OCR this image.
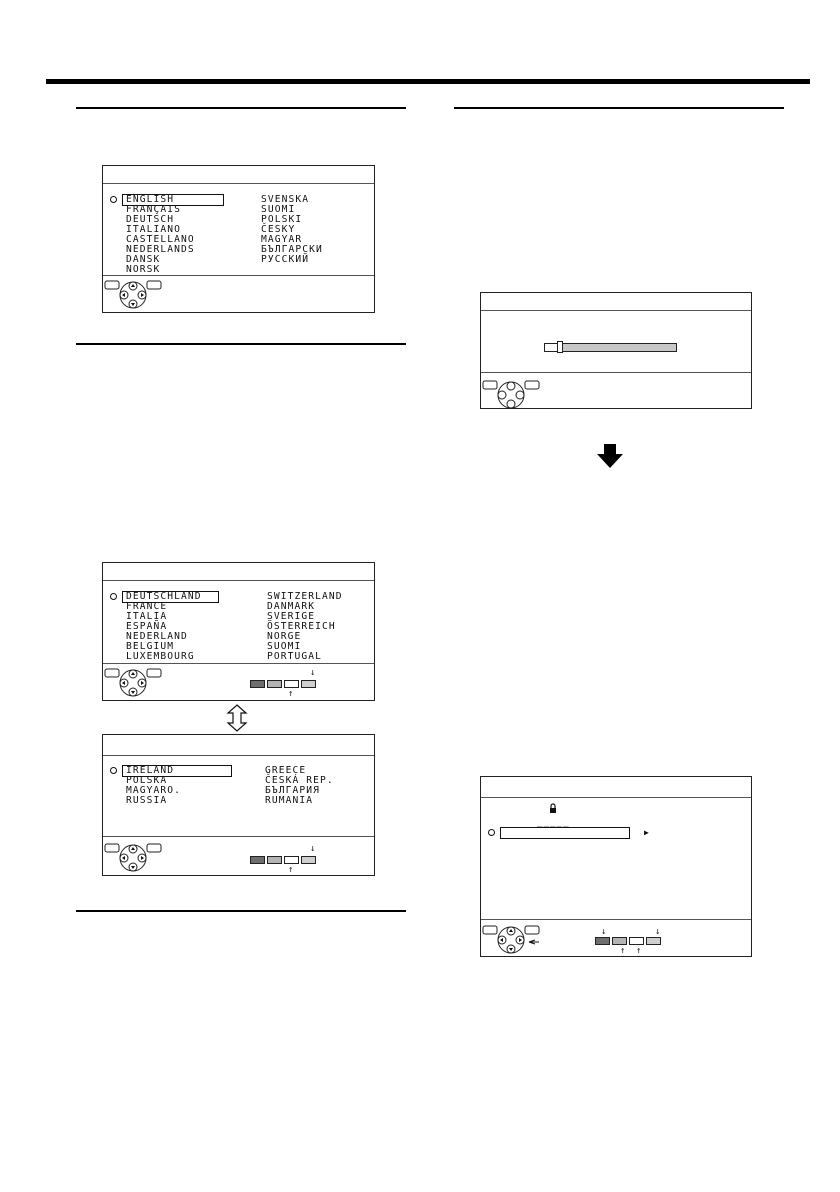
ENGLISH
FRANÇAIS
DEUTSCH
ITALIANO
CASTELLANO
NEDERLANDS
DANSK
NORSK
SVENSKA
SUOMI
POLSKI
ČESKY
MAGYAR
БЪЛГАРСКИ
РУССКИЙ
DEUTSCHLAND
FRANCE
ITALIA
ESPAÑA
NEDERLAND
BELGIUM
LUXEMBOURG
SWITZERLAND
DANMARK
SVERIGE
ÖSTERREICH
NORGE
SUOMI
PORTUGAL
↓
↑
IRELAND
POLSKA
MAGYARO.
RUSSIA
GREECE
ČESKÁ REP.
БЪЛГАРИЯ
RUMANIA
↓
↑
_____
▶
↓	↓
↑ ↑
